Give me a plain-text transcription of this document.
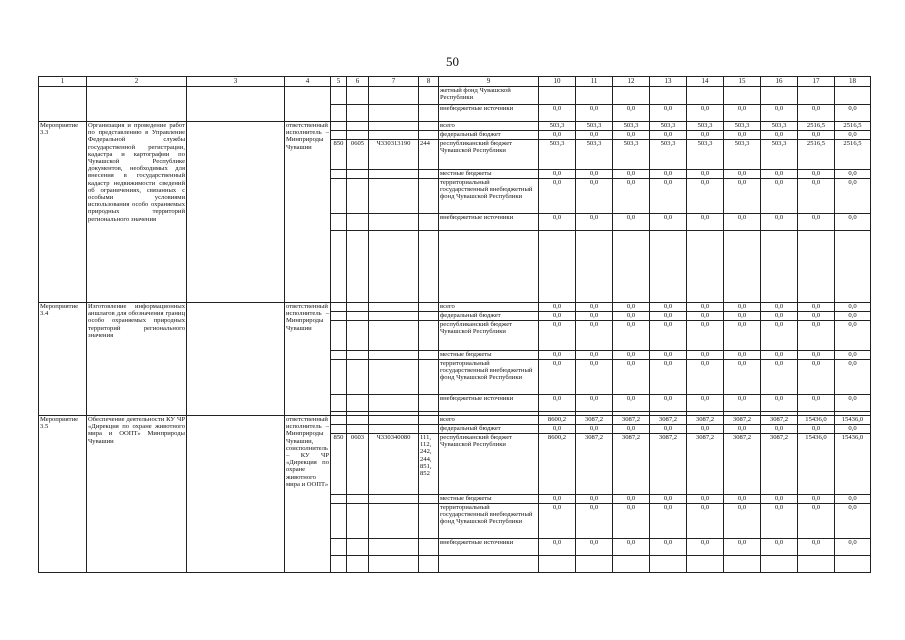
50
1	2	3	4	5	6	7	8	9	10	11	12	13	14	15	16	17	18
								жетный фонд Чувашской Республики									
								внебюджетные источники	0,0	0,0	0,0	0,0	0,0	0,0	0,0	0,0	0,0
Мероприятие 3.3	Организация и проведение работ по представлению в Управление Федеральной службы государственной регистрации, кадастра и картографии по Чувашской Республике документов, необходимых для внесения в государственный кадастр недвижимости сведений об ограничениях, связанных с особыми условиями использования особо охраняемых природных территорий регионального значения		ответственный исполнитель – Минприроды Чувашии					всего	503,3	503,3	503,3	503,3	503,3	503,3	503,3	2516,5	2516,5
								федеральный бюджет	0,0	0,0	0,0	0,0	0,0	0,0	0,0	0,0	0,0
				850	0605	Ч330313190	244	республиканский бюджет Чувашской Республики	503,3	503,3	503,3	503,3	503,3	503,3	503,3	2516,5	2516,5
								местные бюджеты	0,0	0,0	0,0	0,0	0,0	0,0	0,0	0,0	0,0
								территориальный государственный внебюджетный фонд Чувашской Республики	0,0	0,0	0,0	0,0	0,0	0,0	0,0	0,0	0,0
								внебюджетные источники	0,0	0,0	0,0	0,0	0,0	0,0	0,0	0,0	0,0

Мероприятие 3.4	Изготовление информационных аншлагов для обозначения границ особо охраняемых природных территорий регионального значения		ответственный исполнитель – Минприроды Чувашии					всего	0,0	0,0	0,0	0,0	0,0	0,0	0,0	0,0	0,0
								федеральный бюджет	0,0	0,0	0,0	0,0	0,0	0,0	0,0	0,0	0,0
								республиканский бюджет Чувашской Республики	0,0	0,0	0,0	0,0	0,0	0,0	0,0	0,0	0,0
								местные бюджеты	0,0	0,0	0,0	0,0	0,0	0,0	0,0	0,0	0,0
								территориальный государственный внебюджетный фонд Чувашской Республики	0,0	0,0	0,0	0,0	0,0	0,0	0,0	0,0	0,0
								внебюджетные источники	0,0	0,0	0,0	0,0	0,0	0,0	0,0	0,0	0,0

Мероприятие 3.5	Обеспечение деятельности КУ ЧР «Дирекция по охране животного мира и ООПТ» Минприроды Чувашии		ответственный исполнитель – Минприроды Чувашии, соисполнитель – КУ ЧР «Дирекция по охране животного мира и ООПТ»					всего	8600,2	3087,2	3087,2	3087,2	3087,2	3087,2	3087,2	15436,0	15436,0
								федеральный бюджет	0,0	0,0	0,0	0,0	0,0	0,0	0,0	0,0	0,0
				850	0603	Ч330340080	111, 112, 242, 244, 851, 852	республиканский бюджет Чувашской Республики	8600,2	3087,2	3087,2	3087,2	3087,2	3087,2	3087,2	15436,0	15436,0
								местные бюджеты	0,0	0,0	0,0	0,0	0,0	0,0	0,0	0,0	0,0
								территориальный государственный внебюджетный фонд Чувашской Республики	0,0	0,0	0,0	0,0	0,0	0,0	0,0	0,0	0,0
								внебюджетные источники	0,0	0,0	0,0	0,0	0,0	0,0	0,0	0,0	0,0
